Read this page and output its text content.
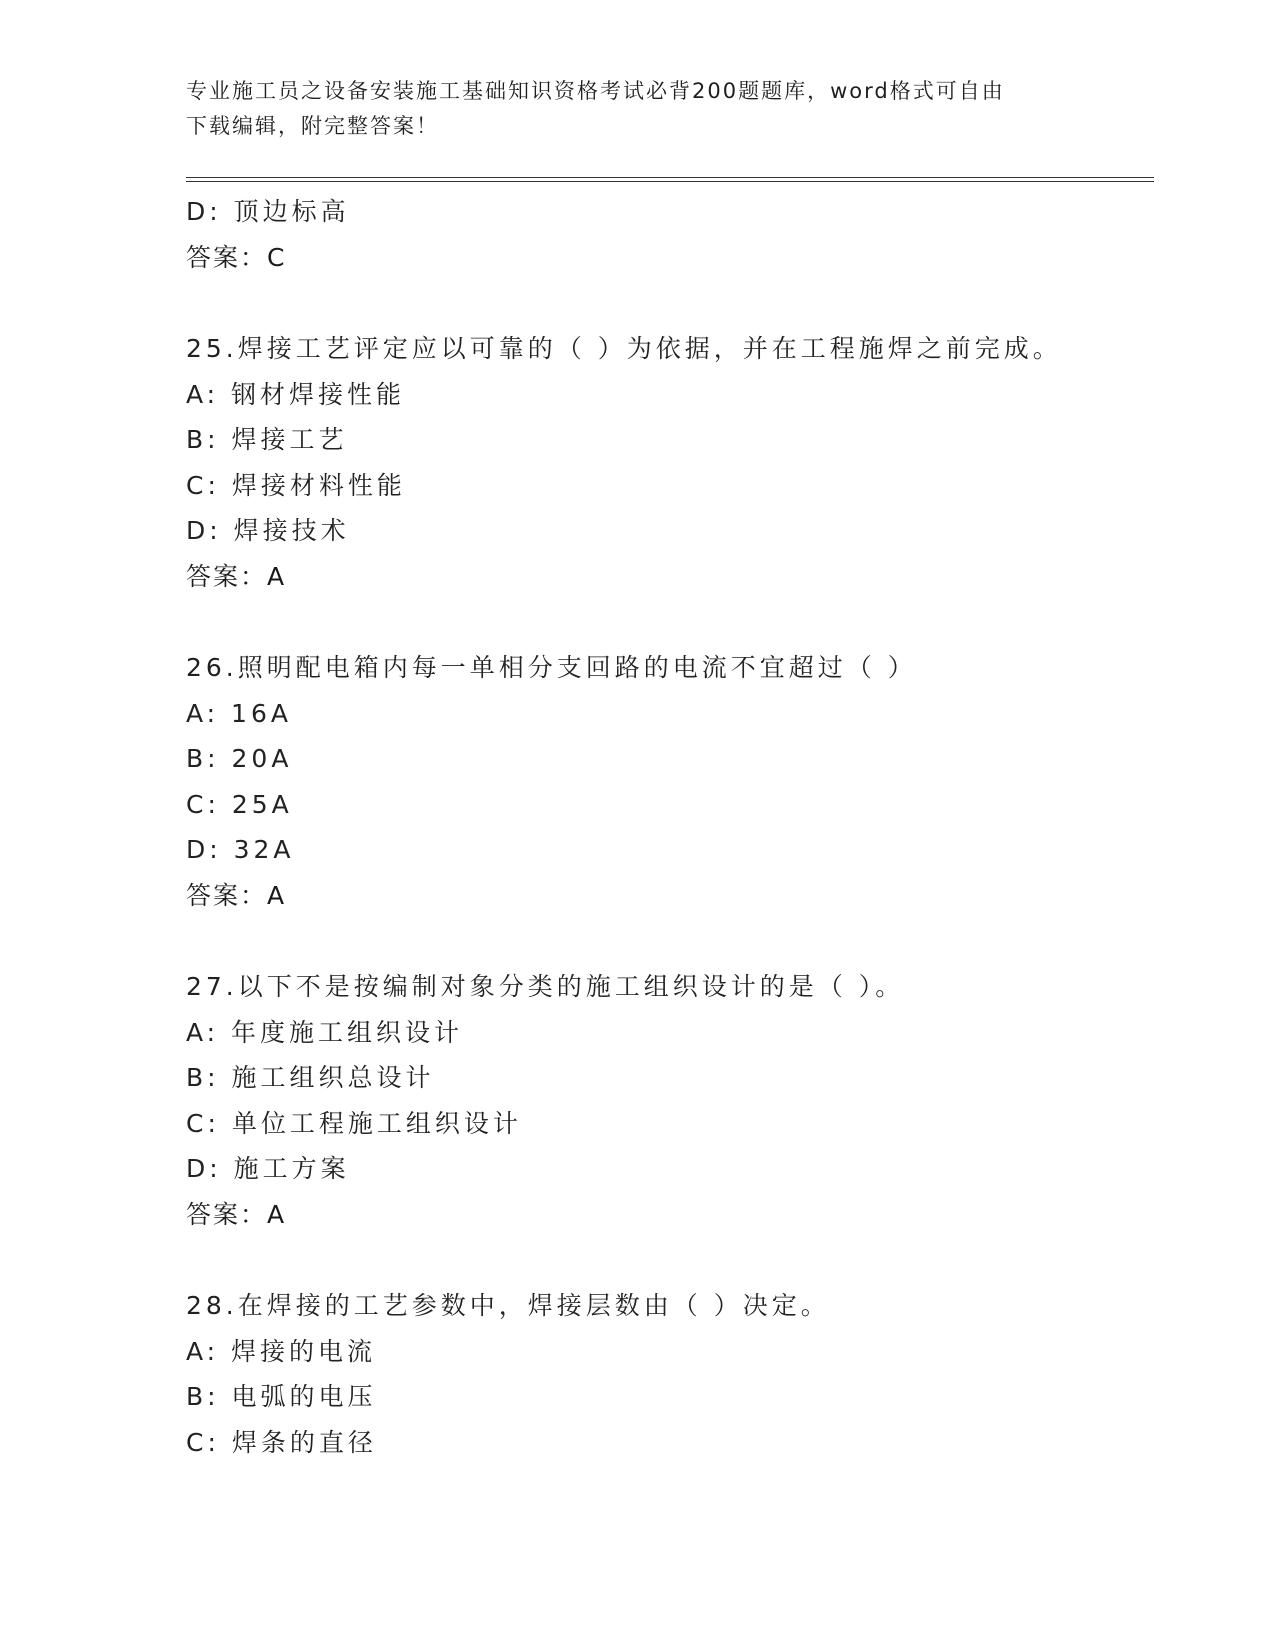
专业施工员之设备安装施工基础知识资格考试必背200题题库，word格式可自由
下载编辑，附完整答案！
D: 顶边标高
答案：C
25.焊接工艺评定应以可靠的（ ）为依据，并在工程施焊之前完成。
A: 钢材焊接性能
B: 焊接工艺
C: 焊接材料性能
D: 焊接技术
答案：A
26.照明配电箱内每一单相分支回路的电流不宜超过（ ）
A: 16A
B: 20A
C: 25A
D: 32A
答案：A
27.以下不是按编制对象分类的施工组织设计的是（ ）。
A: 年度施工组织设计
B: 施工组织总设计
C: 单位工程施工组织设计
D: 施工方案
答案：A
28.在焊接的工艺参数中，焊接层数由（ ）决定。
A: 焊接的电流
B: 电弧的电压
C: 焊条的直径
